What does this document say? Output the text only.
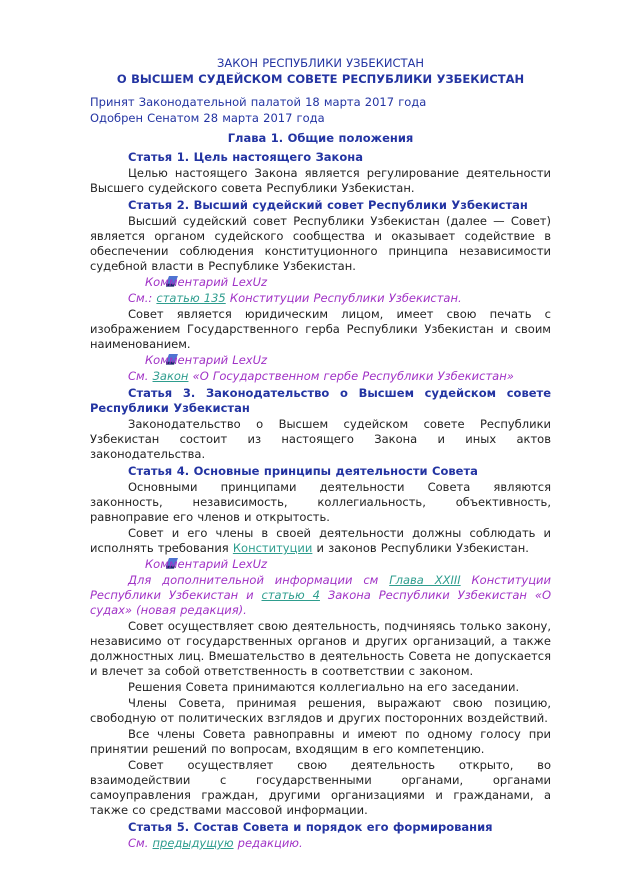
ЗАКОН РЕСПУБЛИКИ УЗБЕКИСТАН

О ВЫСШЕМ СУДЕЙСКОМ СОВЕТЕ РЕСПУБЛИКИ УЗБЕКИСТАН

Принят Законодательной палатой 18 марта 2017 года

Одобрен Сенатом 28 марта 2017 года

Глава 1. Общие положения

Статья 1. Цель настоящего Закона

Целью настоящего Закона является регулирование деятельности Высшего судейского совета Республики Узбекистан.

Статья 2. Высший судейский совет Республики Узбекистан

Высший судейский совет Республики Узбекистан (далее — Совет) является органом судейского сообщества и оказывает содействие в обеспечении соблюдения конституционного принципа независимости судебной власти в Республике Узбекистан.

Комментарий LexUz

См.: статью 135 Конституции Республики Узбекистан.

Совет является юридическим лицом, имеет свою печать с изображением Государственного герба Республики Узбекистан и своим наименованием.

Комментарий LexUz

См. Закон «О Государственном гербе Республики Узбекистан»

Статья 3. Законодательство о Высшем судейском совете Республики Узбекистан

Законодательство о Высшем судейском совете Республики Узбекистан состоит из настоящего Закона и иных актов законодательства.

Статья 4. Основные принципы деятельности Совета

Основными принципами деятельности Совета являются законность, независимость, коллегиальность, объективность, равноправие его членов и открытость.

Совет и его члены в своей деятельности должны соблюдать и исполнять требования Конституции и законов Республики Узбекистан.

Комментарий LexUz

Для дополнительной информации см Глава XXIII Конституции Республики Узбекистан и статью 4 Закона Республики Узбекистан «О судах» (новая редакция).

Совет осуществляет свою деятельность, подчиняясь только закону, независимо от государственных органов и других организаций, а также должностных лиц. Вмешательство в деятельность Совета не допускается и влечет за собой ответственность в соответствии с законом.

Решения Совета принимаются коллегиально на его заседании.

Члены Совета, принимая решения, выражают свою позицию, свободную от политических взглядов и других посторонних воздействий.

Все члены Совета равноправны и имеют по одному голосу при принятии решений по вопросам, входящим в его компетенцию.

Совет осуществляет свою деятельность открыто, во взаимодействии с государственными органами, органами самоуправления граждан, другими организациями и гражданами, а также со средствами массовой информации.

Статья 5. Состав Совета и порядок его формирования

См. предыдущую редакцию.
